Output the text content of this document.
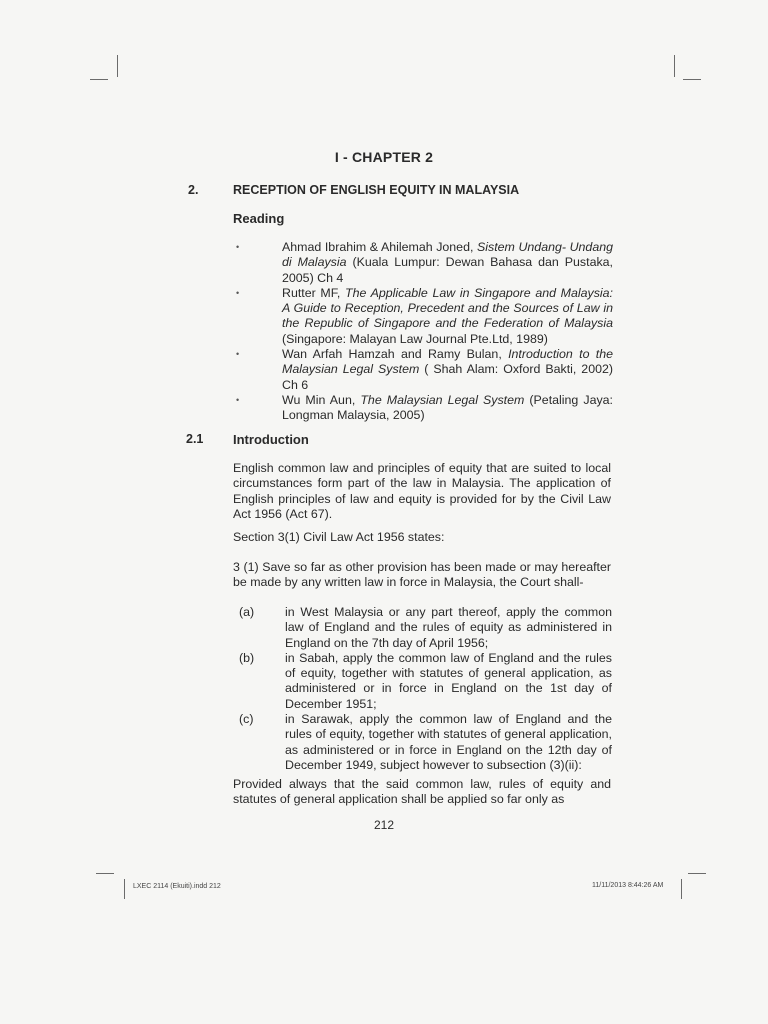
I - CHAPTER 2
2.	RECEPTION OF ENGLISH EQUITY IN MALAYSIA
Reading
•	Ahmad Ibrahim & Ahilemah Joned, Sistem Undang- Undang di Malaysia (Kuala Lumpur: Dewan Bahasa dan Pustaka, 2005) Ch 4
•	Rutter MF, The Applicable Law in Singapore and Malaysia: A Guide to Reception, Precedent and the Sources of Law in the Republic of Singapore and the Federation of Malaysia (Singapore: Malayan Law Journal Pte.Ltd, 1989)
•	Wan Arfah Hamzah and Ramy Bulan, Introduction to the Malaysian Legal System ( Shah Alam: Oxford Bakti, 2002) Ch 6
•	Wu Min Aun, The Malaysian Legal System (Petaling Jaya: Longman Malaysia, 2005)
2.1 Introduction
English common law and principles of equity that are suited to local circumstances form part of the law in Malaysia. The application of English principles of law and equity is provided for by the Civil Law Act 1956 (Act 67).
Section 3(1) Civil Law Act 1956 states:
3 (1) Save so far as other provision has been made or may hereafter be made by any written law in force in Malaysia, the Court shall-
(a) in West Malaysia or any part thereof, apply the common law of England and the rules of equity as administered in England on the 7th day of April 1956;
(b) in Sabah, apply the common law of England and the rules of equity, together with statutes of general application, as administered or in force in England on the 1st day of December 1951;
(c)	in Sarawak, apply the common law of England and the rules of equity, together with statutes of general application, as administered or in force in England on the 12th day of December 1949, subject however to subsection (3)(ii):
Provided always that the said common law, rules of equity and statutes of general application shall be applied so far only as
212
LXEC 2114 (Ekuiti).indd 212	11/11/2013 8:44:26 AM
